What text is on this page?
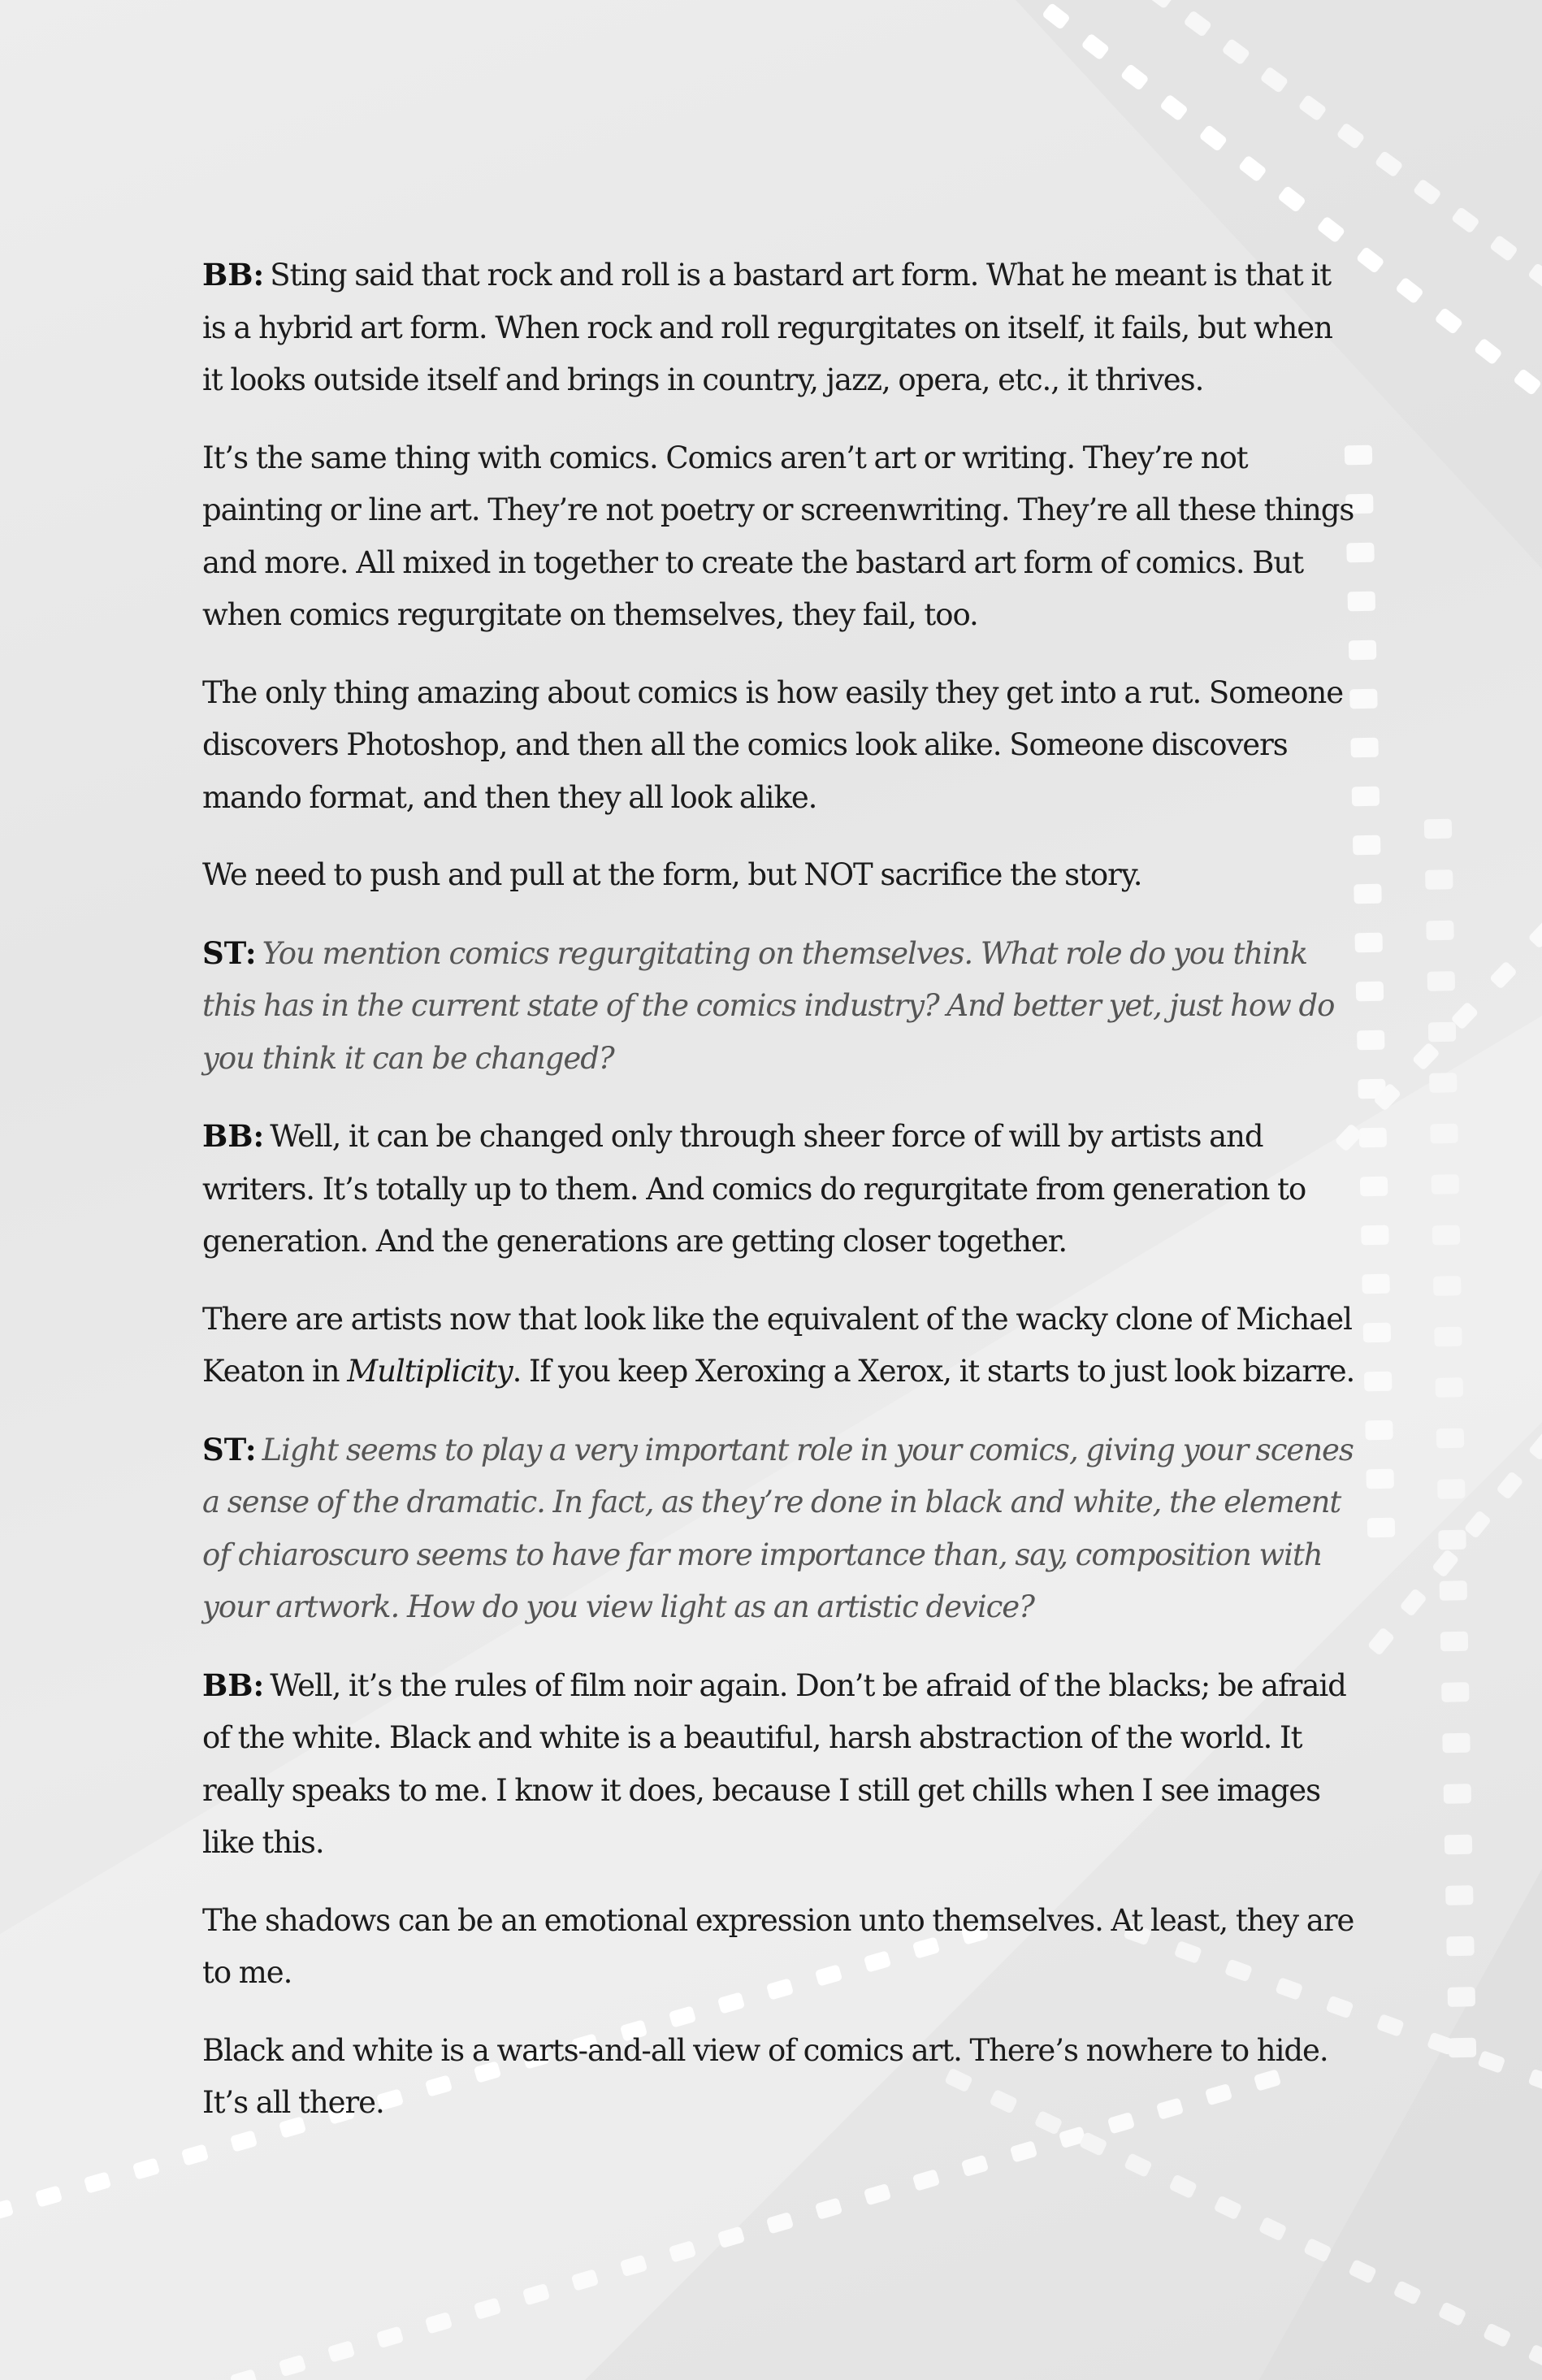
BB: Sting said that rock and roll is a bastard art form. What he meant is that it is a hybrid art form. When rock and roll regurgitates on itself, it fails, but when it looks outside itself and brings in country, jazz, opera, etc., it thrives.

It’s the same thing with comics. Comics aren’t art or writing. They’re not painting or line art. They’re not poetry or screenwriting. They’re all these things and more. All mixed in together to create the bastard art form of comics. But when comics regurgitate on themselves, they fail, too.

The only thing amazing about comics is how easily they get into a rut. Someone discovers Photoshop, and then all the comics look alike. Someone discovers mando format, and then they all look alike.

We need to push and pull at the form, but NOT sacrifice the story.

ST: You mention comics regurgitating on themselves. What role do you think this has in the current state of the comics industry? And better yet, just how do you think it can be changed?

BB: Well, it can be changed only through sheer force of will by artists and writers. It’s totally up to them. And comics do regurgitate from generation to generation. And the generations are getting closer together.

There are artists now that look like the equivalent of the wacky clone of Michael Keaton in Multiplicity. If you keep Xeroxing a Xerox, it starts to just look bizarre.

ST: Light seems to play a very important role in your comics, giving your scenes a sense of the dramatic. In fact, as they’re done in black and white, the element of chiaroscuro seems to have far more importance than, say, composition with your artwork. How do you view light as an artistic device?

BB: Well, it’s the rules of film noir again. Don’t be afraid of the blacks; be afraid of the white. Black and white is a beautiful, harsh abstraction of the world. It really speaks to me. I know it does, because I still get chills when I see images like this.

The shadows can be an emotional expression unto themselves. At least, they are to me.

Black and white is a warts-and-all view of comics art. There’s nowhere to hide. It’s all there.
